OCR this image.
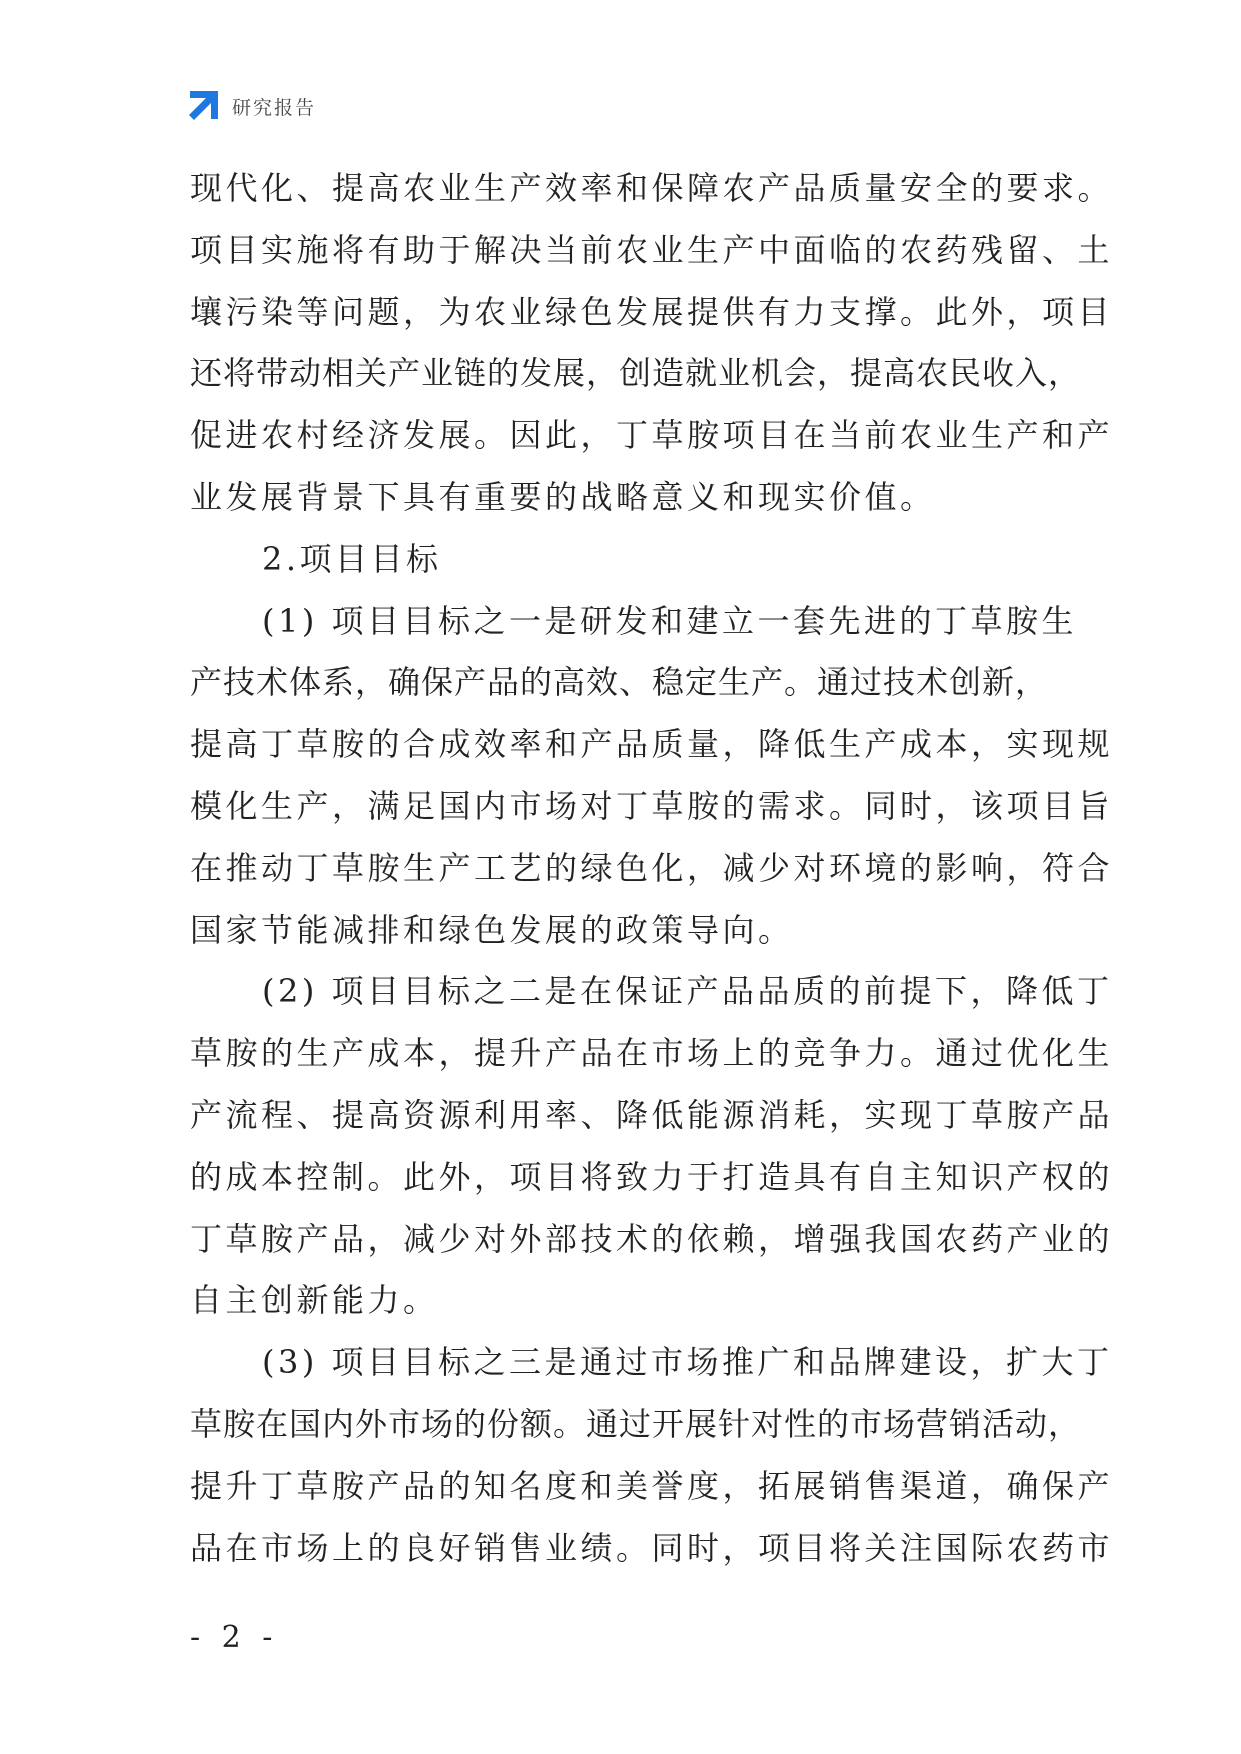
研究报告
现代化、提高农业生产效率和保障农产品质量安全的要求。
项目实施将有助于解决当前农业生产中面临的农药残留、土
壤污染等问题，为农业绿色发展提供有力支撑。此外，项目
还将带动相关产业链的发展，创造就业机会，提高农民收入，
促进农村经济发展。因此，丁草胺项目在当前农业生产和产
业发展背景下具有重要的战略意义和现实价值。
2.项目目标
(1) 项目目标之一是研发和建立一套先进的丁草胺生
产技术体系，确保产品的高效、稳定生产。通过技术创新，
提高丁草胺的合成效率和产品质量，降低生产成本，实现规
模化生产，满足国内市场对丁草胺的需求。同时，该项目旨
在推动丁草胺生产工艺的绿色化，减少对环境的影响，符合
国家节能减排和绿色发展的政策导向。
(2) 项目目标之二是在保证产品品质的前提下，降低丁
草胺的生产成本，提升产品在市场上的竞争力。通过优化生
产流程、提高资源利用率、降低能源消耗，实现丁草胺产品
的成本控制。此外，项目将致力于打造具有自主知识产权的
丁草胺产品，减少对外部技术的依赖，增强我国农药产业的
自主创新能力。
(3) 项目目标之三是通过市场推广和品牌建设，扩大丁
草胺在国内外市场的份额。通过开展针对性的市场营销活动，
提升丁草胺产品的知名度和美誉度，拓展销售渠道，确保产
品在市场上的良好销售业绩。同时，项目将关注国际农药市
- 2 -
